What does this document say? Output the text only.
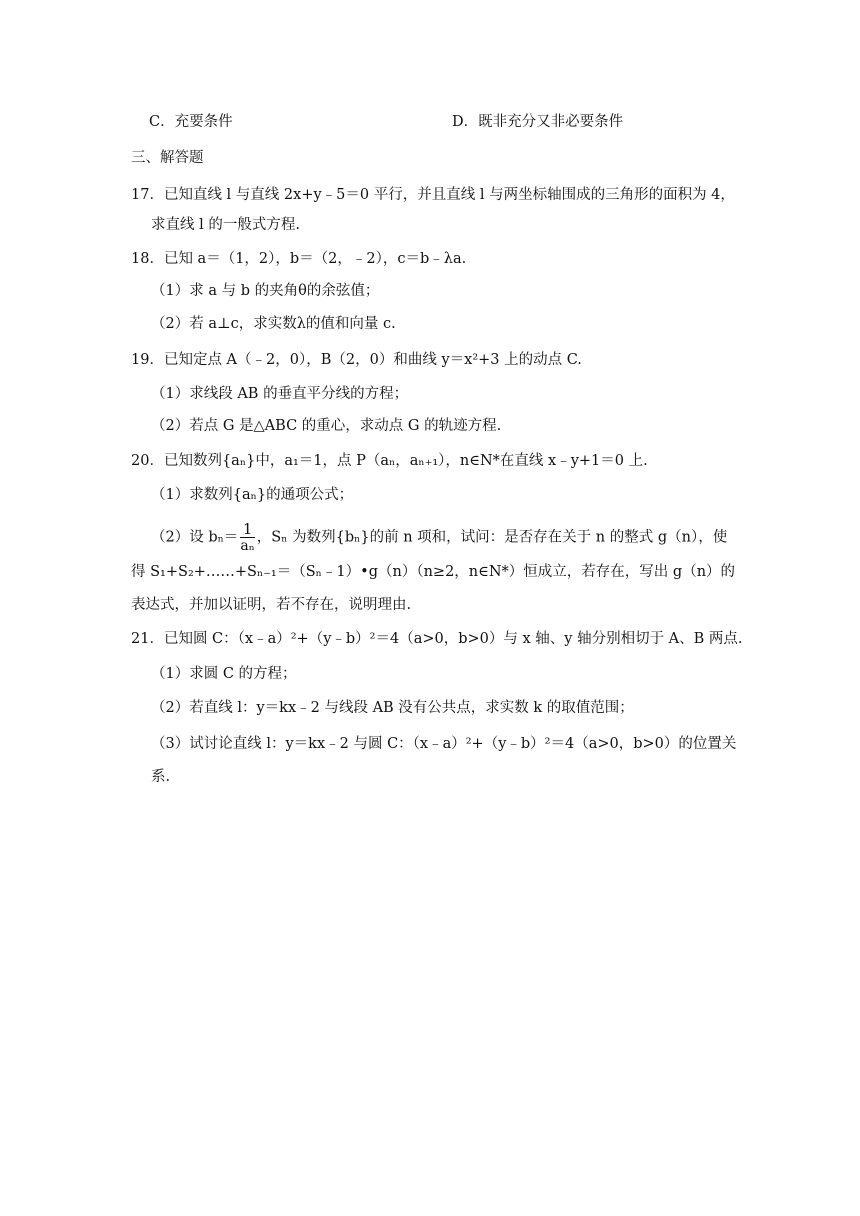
C．充要条件	D．既非充分又非必要条件
三、解答题
17．已知直线 l 与直线 2x+y﹣5＝0 平行，并且直线 l 与两坐标轴围成的三角形的面积为 4，
求直线 l 的一般式方程.
18．已知 a＝（1，2），b＝（2，﹣2），c＝b﹣λa.
（1）求 a 与 b 的夹角θ的余弦值；
（2）若 a⊥c，求实数λ的值和向量 c.
19．已知定点 A（﹣2，0），B（2，0）和曲线 y＝x²+3 上的动点 C.
（1）求线段 AB 的垂直平分线的方程；
（2）若点 G 是△ABC 的重心，求动点 G 的轨迹方程.
20．已知数列{aₙ}中，a₁＝1，点 P（aₙ，aₙ₊₁），n∈N*在直线 x﹣y+1＝0 上.
（1）求数列{aₙ}的通项公式；
（2）设 $b_n= \frac{1}{\text{aₙ}}$ ，Sₙ 为数列{bₙ}的前 n 项和，试问：是否存在关于 n 的整式 g（n），使
得 S₁+S₂+……+Sₙ₋₁＝（Sₙ﹣1）•g（n）（n≥2，n∈N*）恒成立，若存在，写出 g（n）的
表达式，并加以证明，若不存在，说明理由.
21．已知圆 C：（x﹣a）²+（y﹣b）²＝4（a>0，b>0）与 x 轴、y 轴分别相切于 A、B 两点.
（1）求圆 C 的方程；
（2）若直线 l：y＝kx﹣2 与线段 AB 没有公共点，求实数 k 的取值范围；
（3）试讨论直线 l：y＝kx﹣2 与圆 C：（x﹣a）²+（y﹣b）²＝4（a>0，b>0）的位置关
系.
